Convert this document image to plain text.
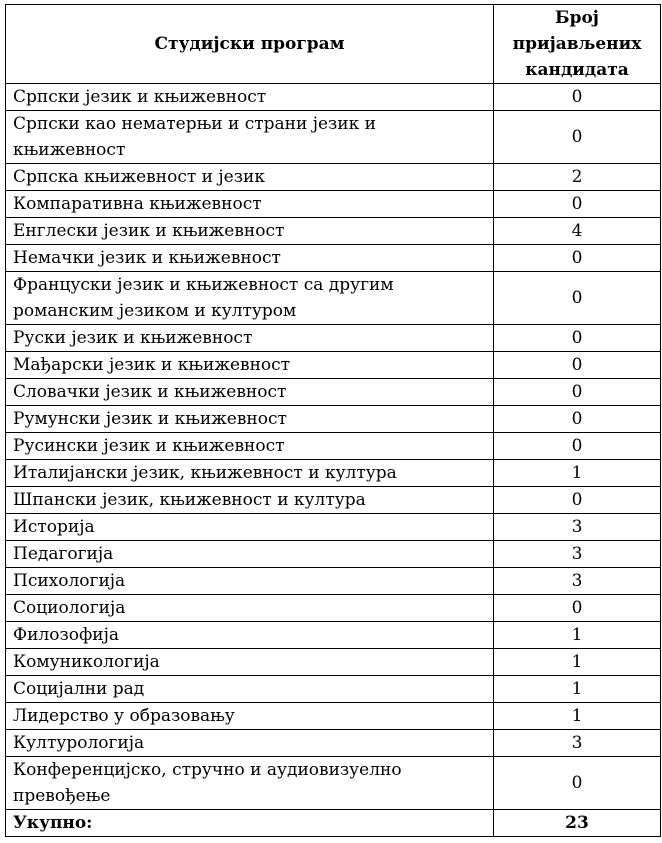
Студијски програм	Број
пријављених
кандидата

Српски језик и књижевност	0
Српски као нематерњи и страни језик и књижевност	0
Српска књижевност и језик	2
Компаративна књижевност	0
Енглески језик и књижевност	4
Немачки језик и књижевност	0
Француски језик и књижевност са другим романским језиком и културом	0
Руски језик и књижевност	0
Мађарски језик и књижевност	0
Словачки језик и књижевност	0
Румунски језик и књижевност	0
Русински језик и књижевност	0
Италијански језик, књижевност и култура	1
Шпански језик, књижевност и култура	0
Историја	3
Педагогија	3
Психологија	3
Социологија	0
Филозофија	1
Комуникологија	1
Социјални рад	1
Лидерство у образовању	1
Културологија	3
Конференцијско, стручно и аудиовизуелно превођење	0
Укупно:	23
